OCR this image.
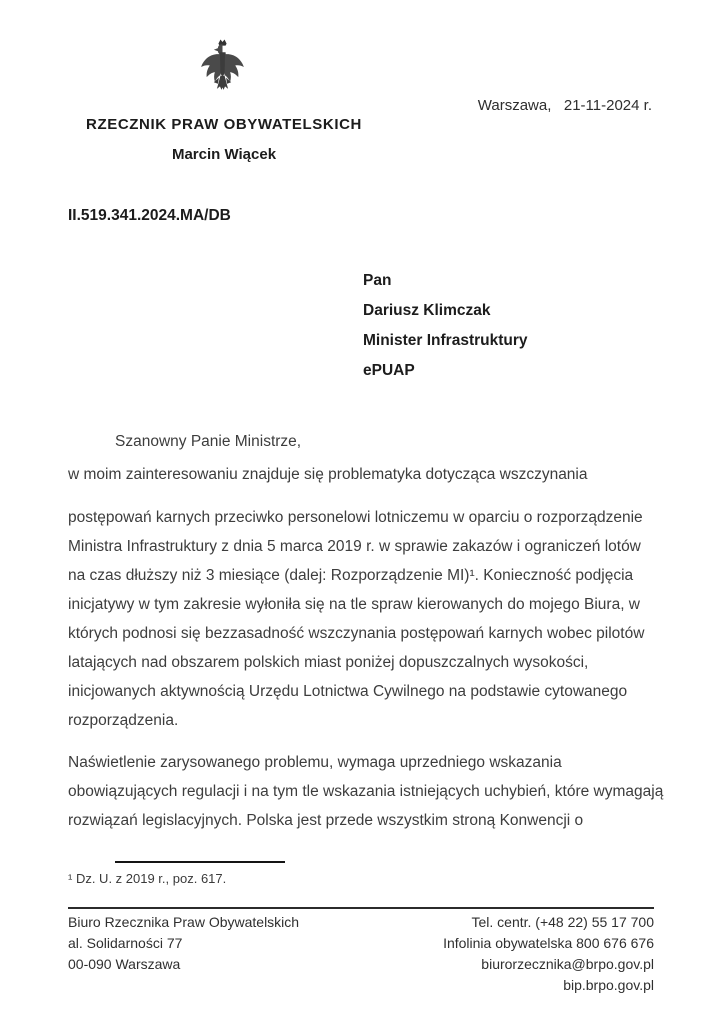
Warszawa,   21-11-2024 r.
RZECZNIK PRAW OBYWATELSKICH
Marcin Wiącek
II.519.341.2024.MA/DB
Pan
Dariusz Klimczak
Minister Infrastruktury
ePUAP
Szanowny Panie Ministrze,
w moim zainteresowaniu znajduje się problematyka dotycząca wszczynania
postępowań karnych przeciwko personelowi lotniczemu w oparciu o rozporządzenie
Ministra Infrastruktury z dnia 5 marca 2019 r. w sprawie zakazów i ograniczeń lotów
na czas dłuższy niż 3 miesiące (dalej: Rozporządzenie MI)¹. Konieczność podjęcia
inicjatywy w tym zakresie wyłoniła się na tle spraw kierowanych do mojego Biura, w
których podnosi się bezzasadność wszczynania postępowań karnych wobec pilotów
latających nad obszarem polskich miast poniżej dopuszczalnych wysokości,
inicjowanych aktywnością Urzędu Lotnictwa Cywilnego na podstawie cytowanego
rozporządzenia.
Naświetlenie zarysowanego problemu, wymaga uprzedniego wskazania
obowiązujących regulacji i na tym tle wskazania istniejących uchybień, które wymagają
rozwiązań legislacyjnych. Polska jest przede wszystkim stroną Konwencji o
¹ Dz. U. z 2019 r., poz. 617.
Biuro Rzecznika Praw Obywatelskich
al. Solidarności 77
00-090 Warszawa
Tel. centr. (+48 22) 55 17 700
Infolinia obywatelska 800 676 676
biurorzecznika@brpo.gov.pl
bip.brpo.gov.pl
